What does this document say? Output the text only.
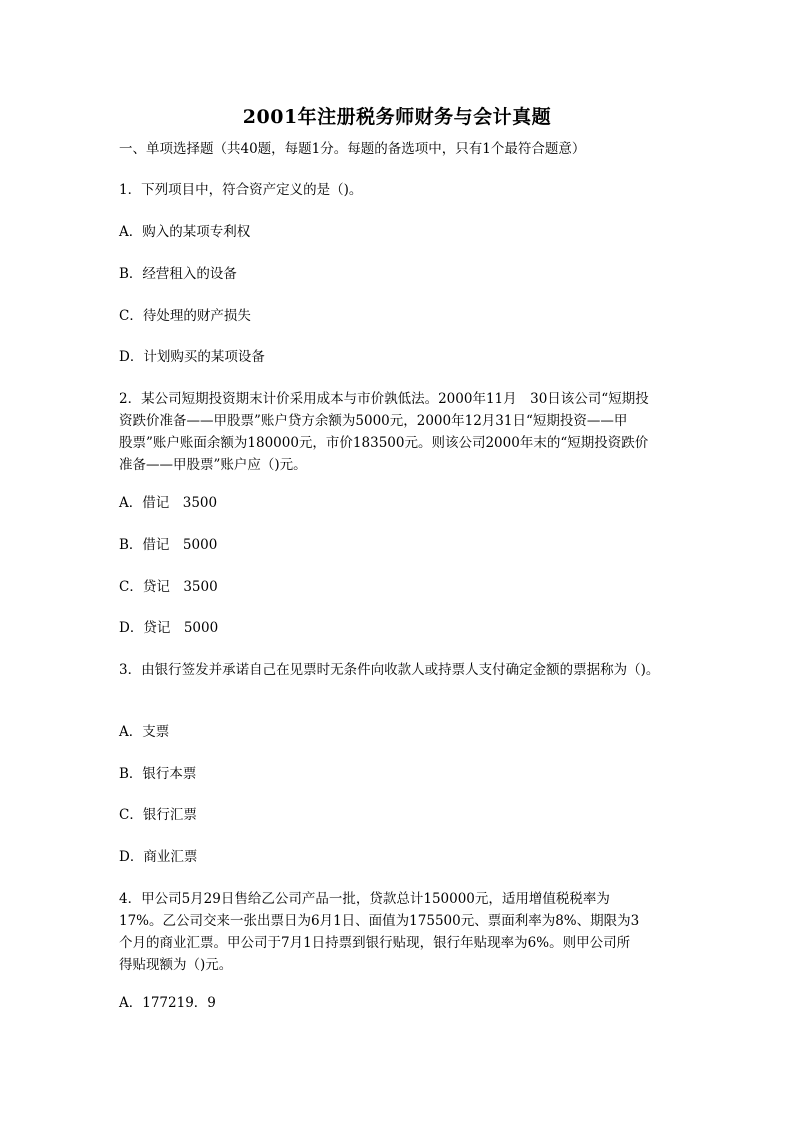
2001年注册税务师财务与会计真题
一、单项选择题（共40题，每题1分。每题的备选项中，只有1个最符合题意）
1．下列项目中，符合资产定义的是（)。
A．购入的某项专利权
B．经营租入的设备
C．待处理的财产损失
D．计划购买的某项设备
2．某公司短期投资期末计价采用成本与市价孰低法。2000年11月　30日该公司“短期投
资跌价准备——甲股票”账户贷方余额为5000元，2000年12月31日“短期投资——甲
股票”账户账面余额为180000元，市价183500元。则该公司2000年末的“短期投资跌价
准备——甲股票”账户应（)元。
A．借记　3500
B．借记　5000
C．贷记　3500
D．贷记　5000
3．由银行签发并承诺自己在见票时无条件向收款人或持票人支付确定金额的票据称为（)。
A．支票
B．银行本票
C．银行汇票
D．商业汇票
4．甲公司5月29日售给乙公司产品一批，贷款总计150000元，适用增值税税率为
17%。乙公司交来一张出票日为6月1日、面值为175500元、票面利率为8%、期限为3
个月的商业汇票。甲公司于7月1日持票到银行贴现，银行年贴现率为6%。则甲公司所
得贴现额为（)元。
A．177219．9
